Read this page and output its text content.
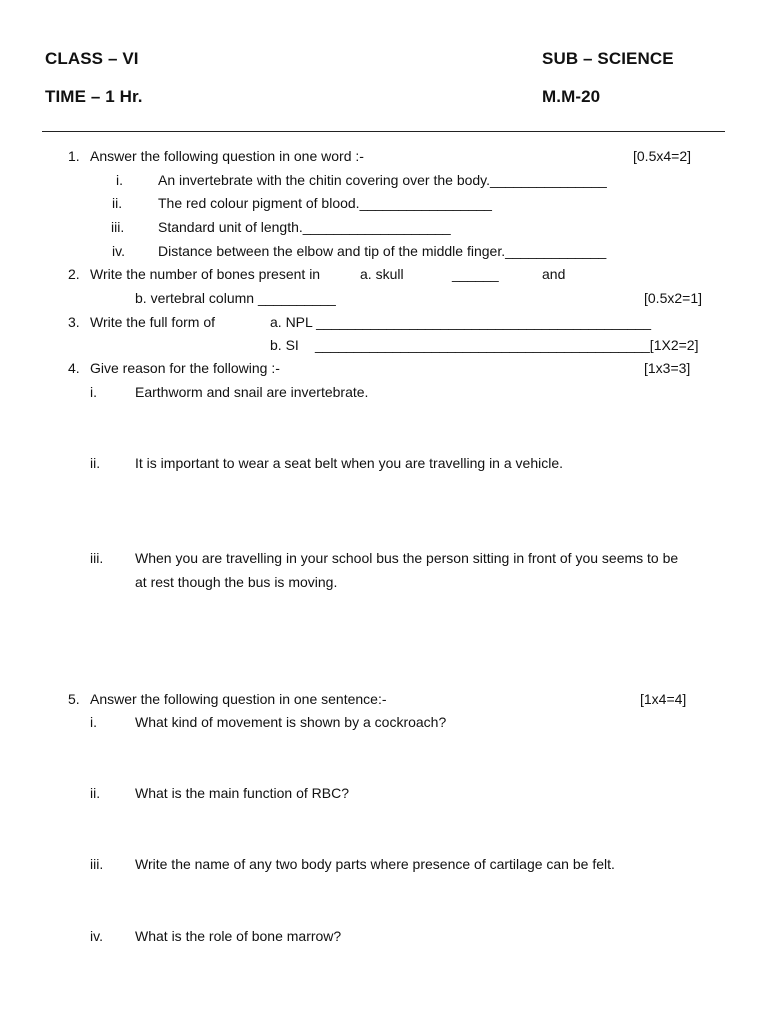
CLASS – VI	SUB – SCIENCE
TIME – 1 Hr.	M.M-20
1. Answer the following question in one word :-	[0.5x4=2]
i.	An invertebrate with the chitin covering over the body._______________
ii.	The red colour pigment of blood._________________
iii. Standard unit of length.___________________
iv. Distance between the elbow and tip of the middle finger._____________
2. Write the number of bones present in	a. skull	______	and
b. vertebral column __________	[0.5x2=1]
3. Write the full form of	a. NPL ___________________________________________
b. SI ___________________________________________[1X2=2]
4. Give reason for the following :-	[1x3=3]
i.	Earthworm and snail are invertebrate.
ii. It is important to wear a seat belt when you are travelling in a vehicle.
iii. When you are travelling in your school bus the person sitting in front of you seems to be
at rest though the bus is moving.
5. Answer the following question in one sentence:-	[1x4=4]
i.	What kind of movement is shown by a cockroach?
ii. What is the main function of RBC?
iii. Write the name of any two body parts where presence of cartilage can be felt.
iv. What is the role of bone marrow?
